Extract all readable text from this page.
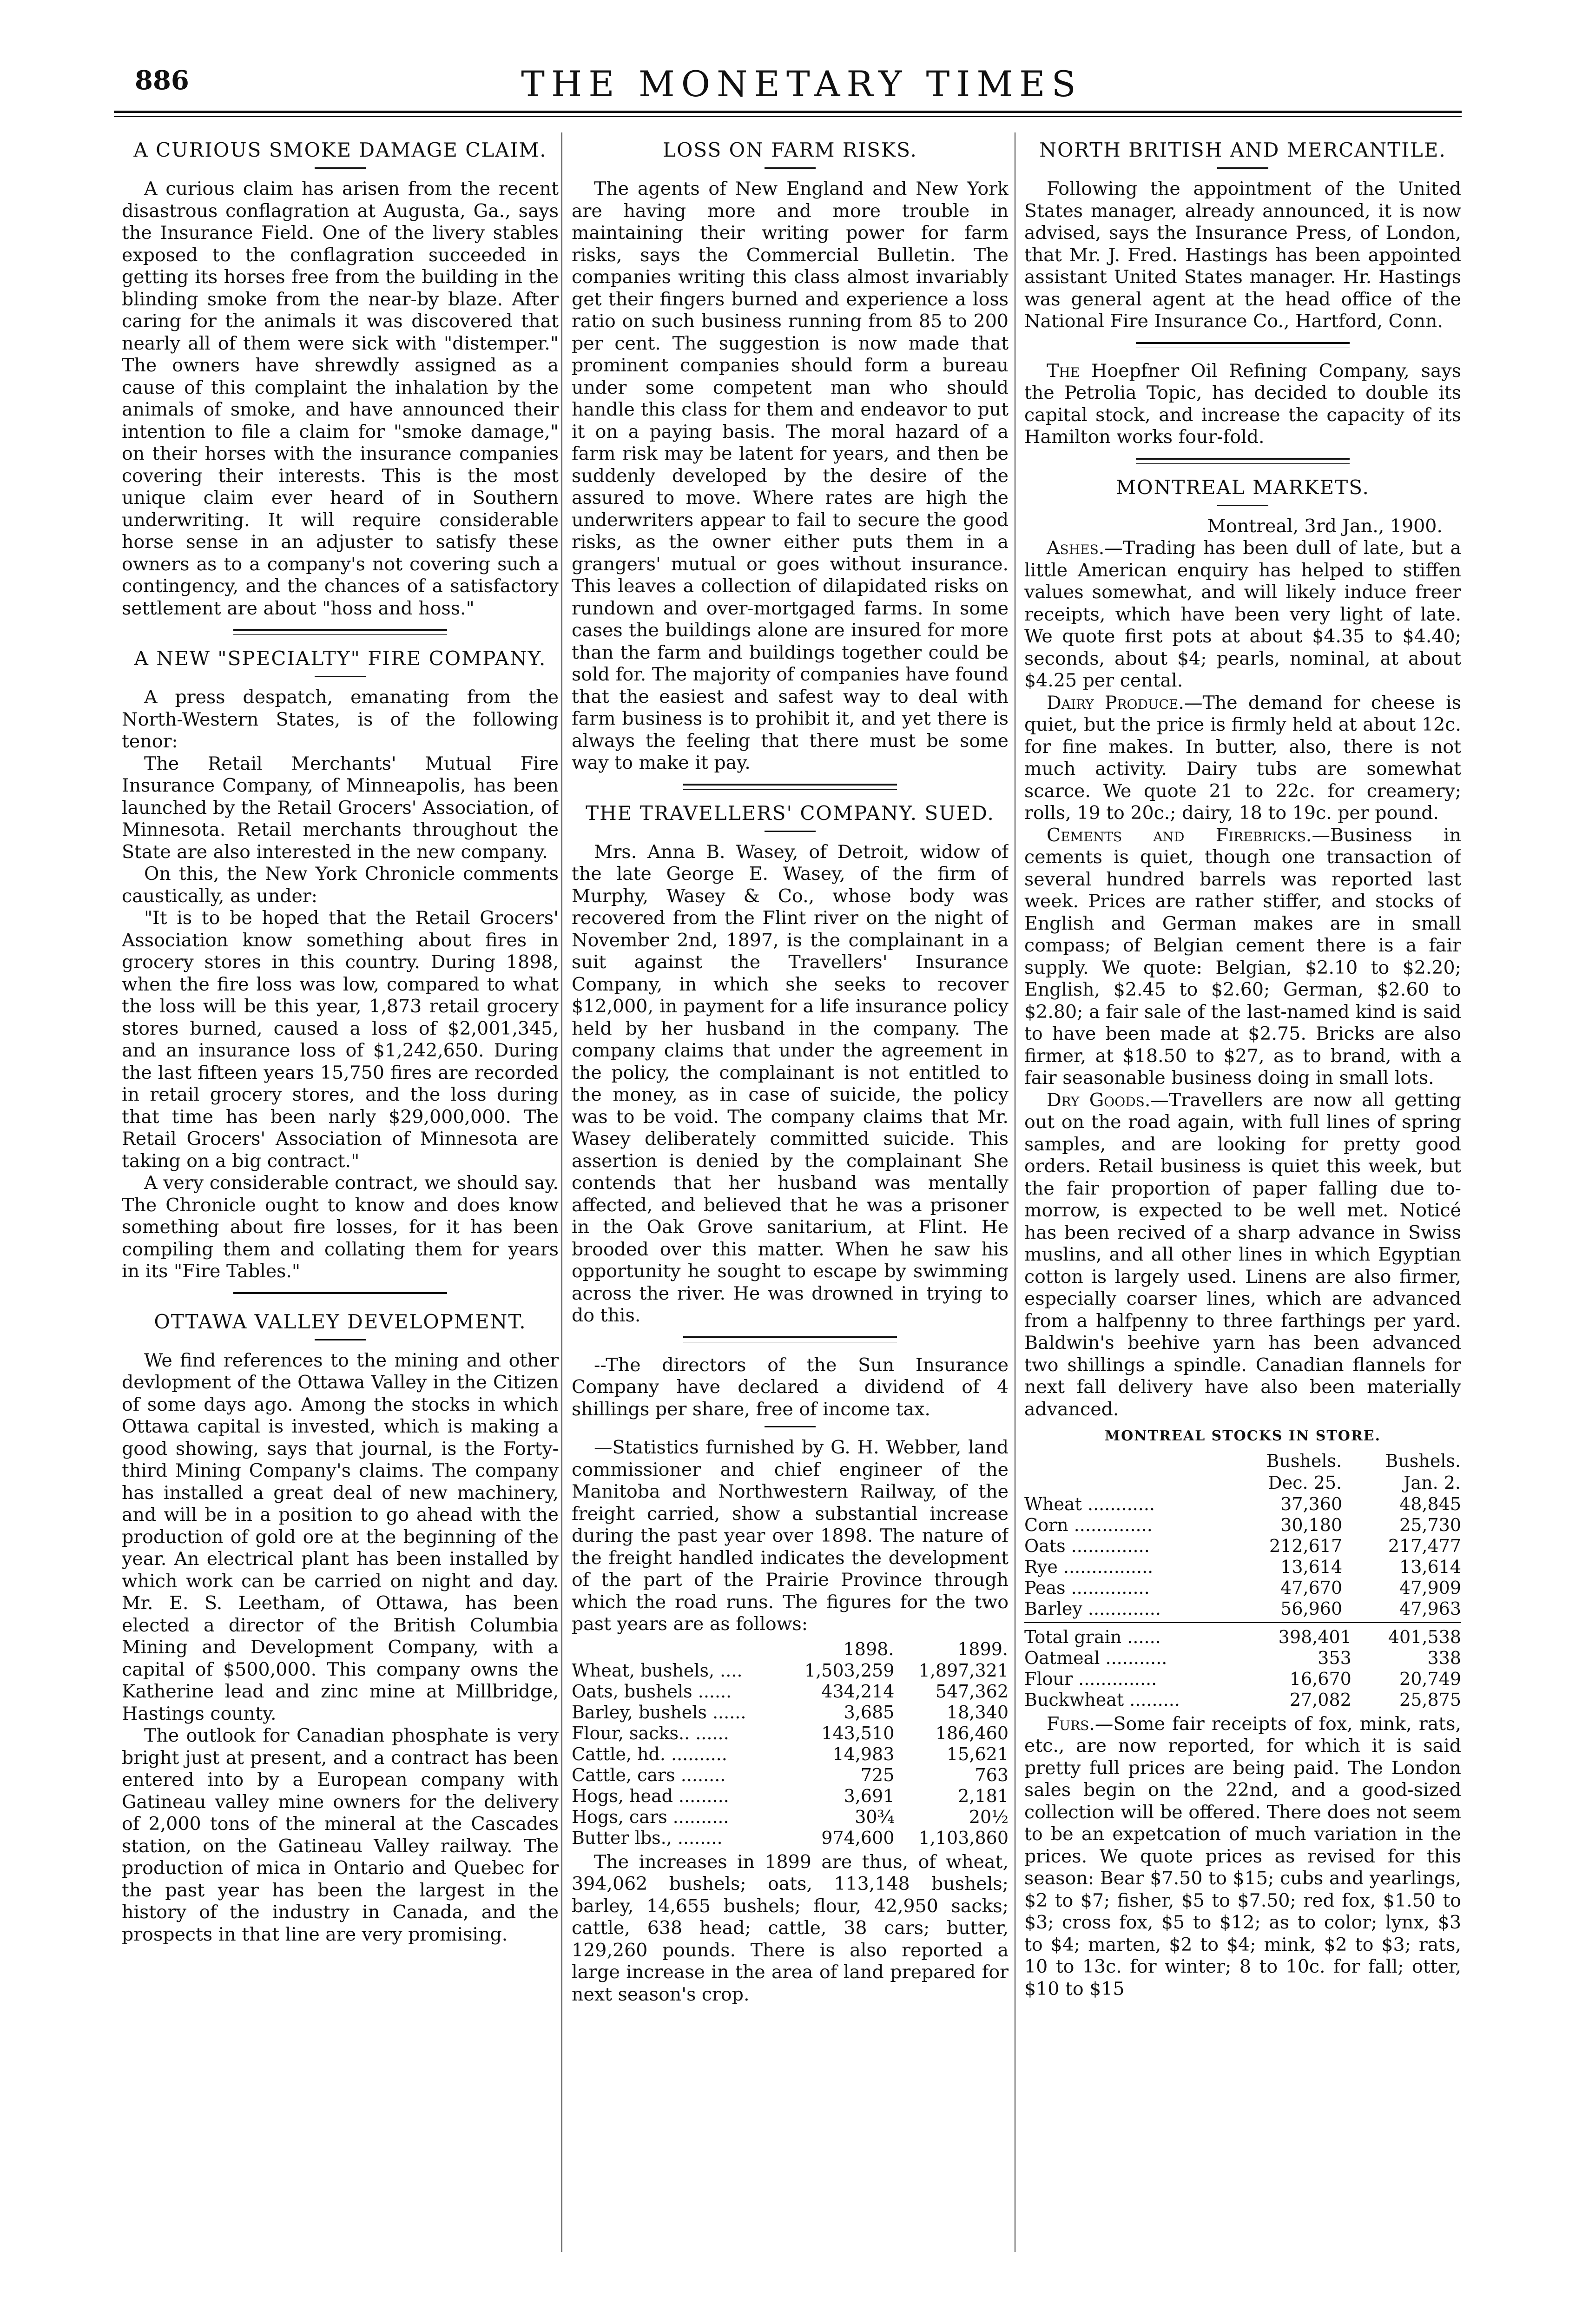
886	THE MONETARY TIMES
A CURIOUS SMOKE DAMAGE CLAIM.

A curious claim has arisen from the recent disastrous conflagration at Augusta, Ga., says the Insurance Field. One of the livery stables exposed to the conflagration succeeded in getting its horses free from the building in the blinding smoke from the near-by blaze. After caring for the animals it was discovered that nearly all of them were sick with "distemper." The owners have shrewdly assigned as a cause of this complaint the inhalation by the animals of smoke, and have announced their intention to file a claim for "smoke damage," on their horses with the insurance companies covering their interests. This is the most unique claim ever heard of in Southern underwriting. It will require considerable horse sense in an adjuster to satisfy these owners as to a company's not covering such a contingency, and the chances of a satisfactory settlement are about "hoss and hoss."

A NEW "SPECIALTY" FIRE COMPANY.

A press despatch, emanating from the North-Western States, is of the following tenor:

The Retail Merchants' Mutual Fire Insurance Company, of Minneapolis, has been launched by the Retail Grocers' Association, of Minnesota. Retail merchants throughout the State are also interested in the new company.

On this, the New York Chronicle comments caustically, as under:

"It is to be hoped that the Retail Grocers' Association know something about fires in grocery stores in this country. During 1898, when the fire loss was low, compared to what the loss will be this year, 1,873 retail grocery stores burned, caused a loss of $2,001,345, and an insurance loss of $1,242,650. During the last fifteen years 15,750 fires are recorded in retail grocery stores, and the loss during that time has been narly $29,000,000. The Retail Grocers' Association of Minnesota are taking on a big contract."

A very considerable contract, we should say. The Chronicle ought to know and does know something about fire losses, for it has been compiling them and collating them for years in its "Fire Tables."

OTTAWA VALLEY DEVELOPMENT.

We find references to the mining and other devlopment of the Ottawa Valley in the Citizen of some days ago. Among the stocks in which Ottawa capital is invested, which is making a good showing, says that journal, is the Forty-third Mining Company's claims. The company has installed a great deal of new machinery, and will be in a position to go ahead with the production of gold ore at the beginning of the year. An electrical plant has been installed by which work can be carried on night and day. Mr. E. S. Leetham, of Ottawa, has been elected a director of the British Columbia Mining and Development Company, with a capital of $500,000. This company owns the Katherine lead and zinc mine at Millbridge, Hastings county.

The outlook for Canadian phosphate is very bright just at present, and a contract has been entered into by a European company with Gatineau valley mine owners for the delivery of 2,000 tons of the mineral at the Cascades station, on the Gatineau Valley railway. The production of mica in Ontario and Quebec for the past year has been the largest in the history of the industry in Canada, and the prospects in that line are very promising.

LOSS ON FARM RISKS.

The agents of New England and New York are having more and more trouble in maintaining their writing power for farm risks, says the Commercial Bulletin. The companies writing this class almost invariably get their fingers burned and experience a loss ratio on such business running from 85 to 200 per cent. The suggestion is now made that prominent companies should form a bureau under some competent man who should handle this class for them and endeavor to put it on a paying basis. The moral hazard of a farm risk may be latent for years, and then be suddenly developed by the desire of the assured to move. Where rates are high the underwriters appear to fail to secure the good risks, as the owner either puts them in a grangers' mutual or goes without insurance. This leaves a collection of dilapidated risks on rundown and over-mortgaged farms. In some cases the buildings alone are insured for more than the farm and buildings together could be sold for. The majority of companies have found that the easiest and safest way to deal with farm business is to prohibit it, and yet there is always the feeling that there must be some way to make it pay.

THE TRAVELLERS' COMPANY. SUED.

Mrs. Anna B. Wasey, of Detroit, widow of the late George E. Wasey, of the firm of Murphy, Wasey & Co., whose body was recovered from the Flint river on the night of November 2nd, 1897, is the complainant in a suit against the Travellers' Insurance Company, in which she seeks to recover $12,000, in payment for a life insurance policy held by her husband in the company. The company claims that under the agreement in the policy, the complainant is not entitled to the money, as in case of suicide, the policy was to be void. The company claims that Mr. Wasey deliberately committed suicide. This assertion is denied by the complainant She contends that her husband was mentally affected, and believed that he was a prisoner in the Oak Grove sanitarium, at Flint. He brooded over this matter. When he saw his opportunity he sought to escape by swimming across the river. He was drowned in trying to do this.

--The directors of the Sun Insurance Company have declared a dividend of 4 shillings per share, free of income tax.

—Statistics furnished by G. H. Webber, land commissioner and chief engineer of the Manitoba and Northwestern Railway, of the freight carried, show a substantial increase during the past year over 1898. The nature of the freight handled indicates the development of the part of the Prairie Province through which the road runs. The figures for the two past years are as follows:

	1898.	1899.
Wheat, bushels, ....	1,503,259	1,897,321
Oats, bushels ......	434,214	547,362
Barley, bushels ......	3,685	18,340
Flour, sacks.. ......	143,510	186,460
Cattle, hd. ..........	14,983	15,621
Cattle, cars ........	725	763
Hogs, head .........	3,691	2,181
Hogs, cars ..........	30¾	20½
Butter lbs., ........	974,600	1,103,860

The increases in 1899 are thus, of wheat, 394,062 bushels; oats, 113,148 bushels; barley, 14,655 bushels; flour, 42,950 sacks; cattle, 638 head; cattle, 38 cars; butter, 129,260 pounds. There is also reported a large increase in the area of land prepared for next season's crop.

NORTH BRITISH AND MERCANTILE.

Following the appointment of the United States manager, already announced, it is now advised, says the Insurance Press, of London, that Mr. J. Fred. Hastings has been appointed assistant United States manager. Hr. Hastings was general agent at the head office of the National Fire Insurance Co., Hartford, Conn.

The Hoepfner Oil Refining Company, says the Petrolia Topic, has decided to double its capital stock, and increase the capacity of its Hamilton works four-fold.

MONTREAL MARKETS.

Montreal, 3rd Jan., 1900.

Ashes.—Trading has been dull of late, but a little American enquiry has helped to stiffen values somewhat, and will likely induce freer receipts, which have been very light of late. We quote first pots at about $4.35 to $4.40; seconds, about $4; pearls, nominal, at about $4.25 per cental.

Dairy Produce.—The demand for cheese is quiet, but the price is firmly held at about 12c. for fine makes. In butter, also, there is not much activity. Dairy tubs are somewhat scarce. We quote 21 to 22c. for creamery; rolls, 19 to 20c.; dairy, 18 to 19c. per pound.

Cements and Firebricks.—Business in cements is quiet, though one transaction of several hundred barrels was reported last week. Prices are rather stiffer, and stocks of English and German makes are in small compass; of Belgian cement there is a fair supply. We quote: Belgian, $2.10 to $2.20; English, $2.45 to $2.60; German, $2.60 to $2.80; a fair sale of the last-named kind is said to have been made at $2.75. Bricks are also firmer, at $18.50 to $27, as to brand, with a fair seasonable business doing in small lots.

Dry Goods.—Travellers are now all getting out on the road again, with full lines of spring samples, and are looking for pretty good orders. Retail business is quiet this week, but the fair proportion of paper falling due to-morrow, is expected to be well met. Noticé has been recived of a sharp advance in Swiss muslins, and all other lines in which Egyptian cotton is largely used. Linens are also firmer, especially coarser lines, which are advanced from a halfpenny to three farthings per yard. Baldwin's beehive yarn has been advanced two shillings a spindle. Canadian flannels for next fall delivery have also been materially advanced.

MONTREAL STOCKS IN STORE.
	Bushels.	Bushels.
	Dec. 25.	Jan. 2.
Wheat ............	37,360	48,845
Corn ..............	30,180	25,730
Oats ..............	212,617	217,477
Rye ................	13,614	13,614
Peas ..............	47,670	47,909
Barley .............	56,960	47,963
Total grain ......	398,401	401,538
Oatmeal ...........	353	338
Flour ..............	16,670	20,749
Buckwheat .........	27,082	25,875

Furs.—Some fair receipts of fox, mink, rats, etc., are now reported, for which it is said pretty full prices are being paid. The London sales begin on the 22nd, and a good-sized collection will be offered. There does not seem to be an expetcation of much variation in the prices. We quote prices as revised for this season: Bear $7.50 to $15; cubs and yearlings, $2 to $7; fisher, $5 to $7.50; red fox, $1.50 to $3; cross fox, $5 to $12; as to color; lynx, $3 to $4; marten, $2 to $4; mink, $2 to $3; rats, 10 to 13c. for winter; 8 to 10c. for fall; otter, $10 to $15
